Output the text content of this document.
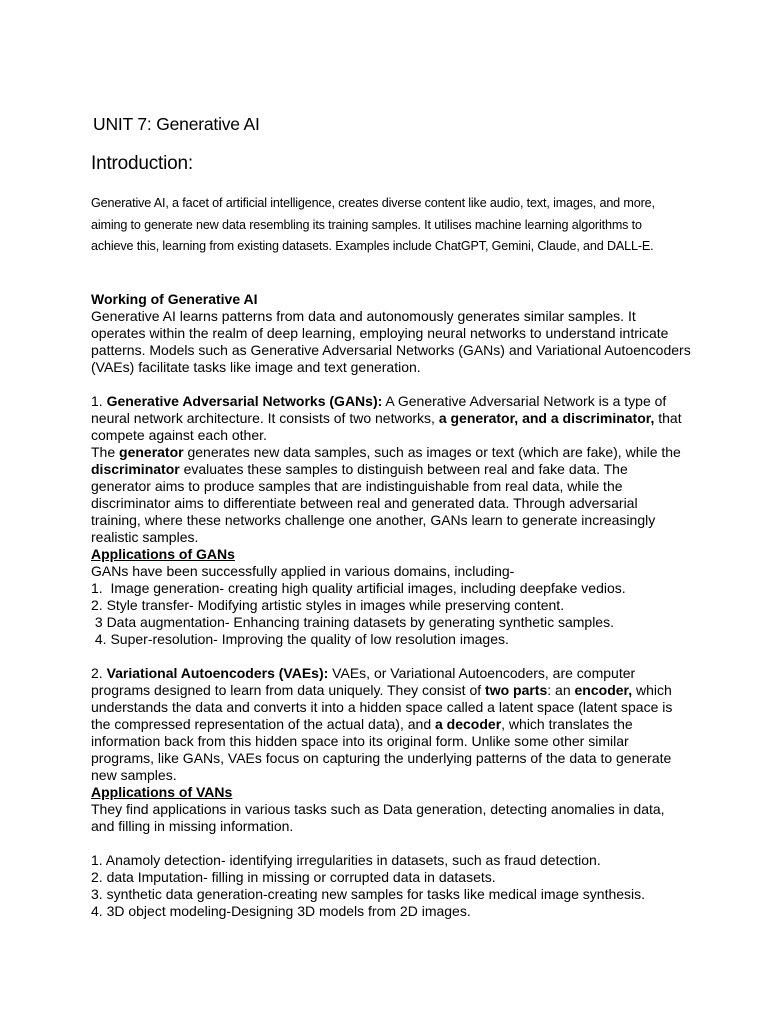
UNIT 7: Generative AI
Introduction:
Generative AI, a facet of artificial intelligence, creates diverse content like audio, text, images, and more, aiming to generate new data resembling its training samples. It utilises machine learning algorithms to achieve this, learning from existing datasets. Examples include ChatGPT, Gemini, Claude, and DALL-E.

Working of Generative AI

Generative AI learns patterns from data and autonomously generates similar samples. It operates within the realm of deep learning, employing neural networks to understand intricate patterns. Models such as Generative Adversarial Networks (GANs) and Variational Autoencoders (VAEs) facilitate tasks like image and text generation.

1. Generative Adversarial Networks (GANs): A Generative Adversarial Network is a type of neural network architecture. It consists of two networks, a generator, and a discriminator, that compete against each other.

The generator generates new data samples, such as images or text (which are fake), while the discriminator evaluates these samples to distinguish between real and fake data. The generator aims to produce samples that are indistinguishable from real data, while the discriminator aims to differentiate between real and generated data. Through adversarial training, where these networks challenge one another, GANs learn to generate increasingly realistic samples.

Applications of GANs

GANs have been successfully applied in various domains, including-

1.  Image generation- creating high quality artificial images, including deepfake vedios.

2. Style transfer- Modifying artistic styles in images while preserving content.

3 Data augmentation- Enhancing training datasets by generating synthetic samples.

4. Super-resolution- Improving the quality of low resolution images.

2. Variational Autoencoders (VAEs): VAEs, or Variational Autoencoders, are computer programs designed to learn from data uniquely. They consist of two parts: an encoder, which understands the data and converts it into a hidden space called a latent space (latent space is the compressed representation of the actual data), and a decoder, which translates the information back from this hidden space into its original form. Unlike some other similar programs, like GANs, VAEs focus on capturing the underlying patterns of the data to generate new samples.

Applications of VANs

They find applications in various tasks such as Data generation, detecting anomalies in data, and filling in missing information.

1. Anamoly detection- identifying irregularities in datasets, such as fraud detection.

2. data Imputation- filling in missing or corrupted data in datasets.

3. synthetic data generation-creating new samples for tasks like medical image synthesis.

4. 3D object modeling-Designing 3D models from 2D images.
